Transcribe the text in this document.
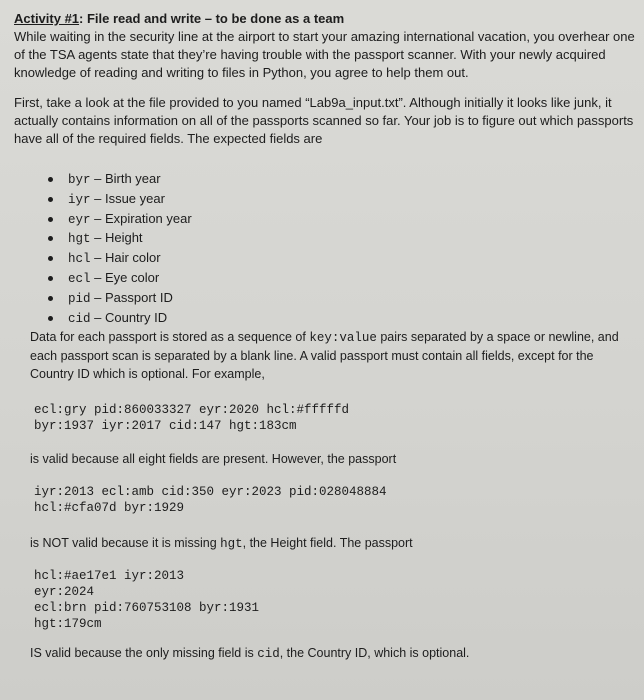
Activity #1: File read and write – to be done as a team
While waiting in the security line at the airport to start your amazing international vacation, you overhear one of the TSA agents state that they’re having trouble with the passport scanner. With your newly acquired knowledge of reading and writing to files in Python, you agree to help them out.
First, take a look at the file provided to you named “Lab9a_input.txt”. Although initially it looks like junk, it actually contains information on all of the passports scanned so far. Your job is to figure out which passports have all of the required fields. The expected fields are
byr – Birth year
iyr – Issue year
eyr – Expiration year
hgt – Height
hcl – Hair color
ecl – Eye color
pid – Passport ID
cid – Country ID
Data for each passport is stored as a sequence of key:value pairs separated by a space or newline, and each passport scan is separated by a blank line. A valid passport must contain all fields, except for the Country ID which is optional. For example,
ecl:gry pid:860033327 eyr:2020 hcl:#fffffd
byr:1937 iyr:2017 cid:147 hgt:183cm
is valid because all eight fields are present. However, the passport
iyr:2013 ecl:amb cid:350 eyr:2023 pid:028048884
hcl:#cfa07d byr:1929
is NOT valid because it is missing hgt, the Height field. The passport
hcl:#ae17e1 iyr:2013
eyr:2024
ecl:brn pid:760753108 byr:1931
hgt:179cm
IS valid because the only missing field is cid, the Country ID, which is optional.
